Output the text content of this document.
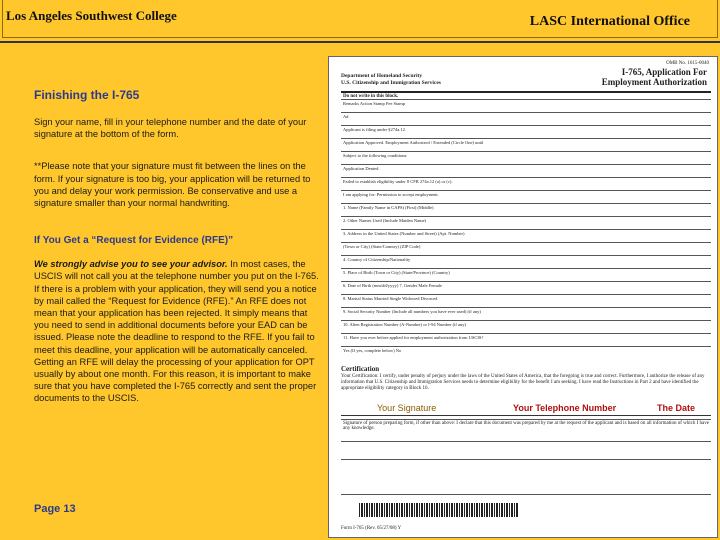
Los Angeles Southwest College	LASC International Office
Finishing the I-765

Sign your name, fill in your telephone number and the date of your signature at the bottom of the form.

**Please note that your signature must fit between the lines on the form. If your signature is too big, your application will be returned to you and delay your work permission. Be conservative and use a signature smaller than your normal handwriting.

If You Get a “Request for Evidence (RFE)”

We strongly advise you to see your advisor. In most cases, the USCIS will not call you at the telephone number you put on the I-765. If there is a problem with your application, they will send you a notice by mail called the “Request for Evidence (RFE).” An RFE does not mean that your application has been rejected. It simply means that you need to send in additional documents before your EAD can be issued. Please note the deadline to respond to the RFE. If you fail to meet this deadline, your application will be automatically canceled. Getting an RFE will delay the processing of your application for OPT usually by about one month. For this reason, it is important to make sure that you have completed the I-765 correctly and sent the proper documents to the USCIS.

Page 13
OMB No. 1615-0040
Department of Homeland Security
U.S. Citizenship and Immigration Services
I-765, Application For
Employment Authorization
Do not write in this block.
Remarks Action Stamp Fee Stamp
A#
Applicant is filing under §274a.12
Application Approved. Employment Authorized / Extended (Circle One) until
Subject to the following conditions:
Application Denied.
Failed to establish eligibility under 8 CFR 274a.12 (a) or (c).
I am applying for: Permission to accept employment.
1. Name (Family Name in CAPS) (First) (Middle)
2. Other Names Used (Include Maiden Name)
3. Address in the United States (Number and Street) (Apt. Number)
(Town or City) (State/Country) (ZIP Code)
4. Country of Citizenship/Nationality
5. Place of Birth (Town or City) (State/Province) (Country)
6. Date of Birth (mm/dd/yyyy) 7. Gender Male Female
8. Marital Status Married Single Widowed Divorced
9. Social Security Number (Include all numbers you have ever used) (if any)
10. Alien Registration Number (A-Number) or I-94 Number (if any)
11. Have you ever before applied for employment authorization from USCIS?
Yes (If yes, complete below) No
Certification
Your Certification: I certify, under penalty of perjury under the laws of the United States of America, that the foregoing is true and correct. Furthermore, I authorize the release of any information that U.S. Citizenship and Immigration Services needs to determine eligibility for the benefit I am seeking. I have read the Instructions in Part 2 and have identified the appropriate eligibility category in Block 16.
Your Signature	Your Telephone Number	The Date
Signature of person preparing form, if other than above: I declare that this document was prepared by me at the request of the applicant and is based on all information of which I have any knowledge.
Form I-765 (Rev. 05/27/08) Y
